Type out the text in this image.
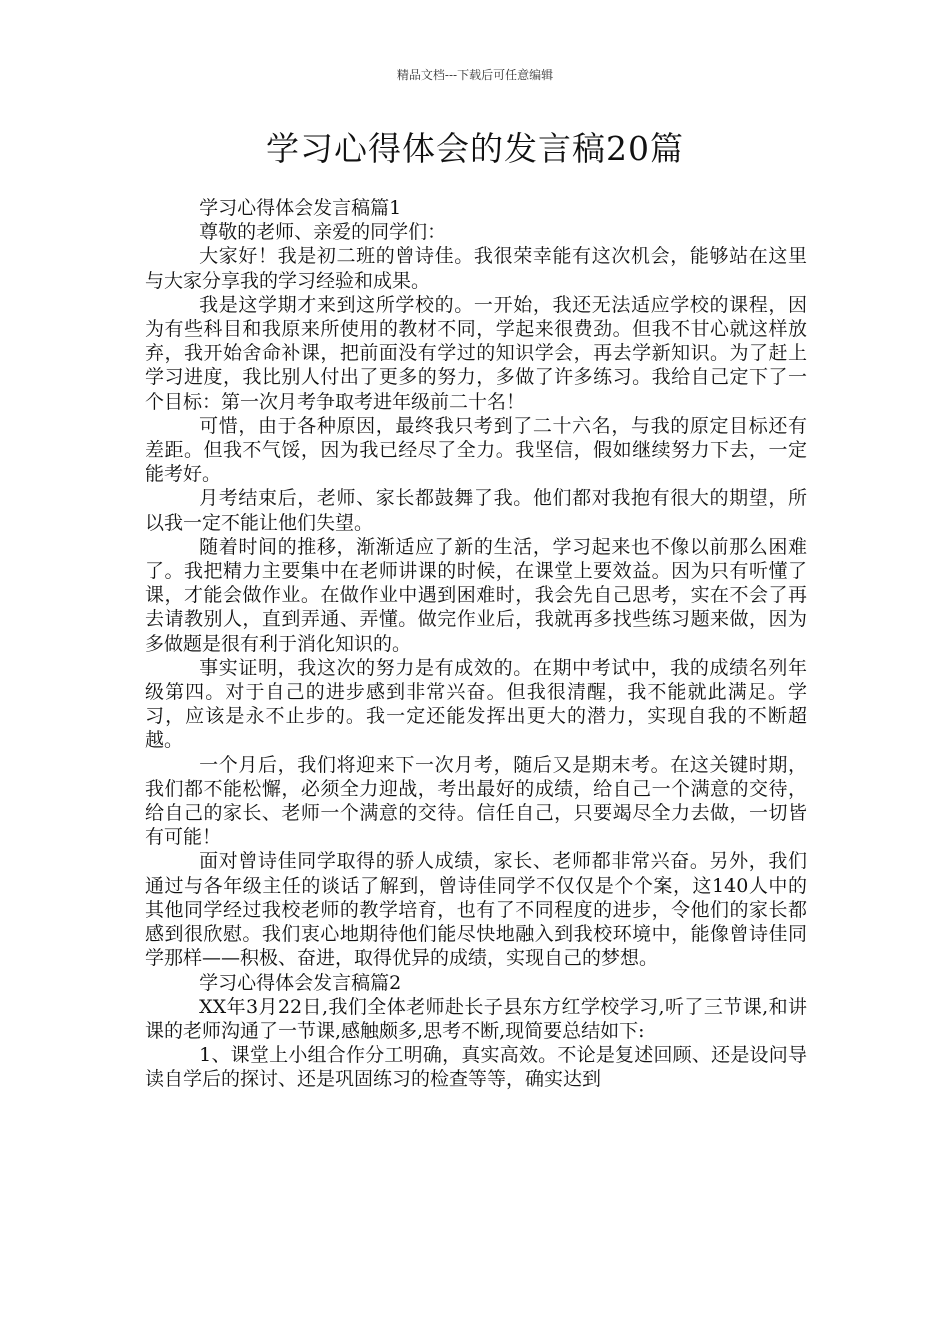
精品文档---下载后可任意编辑
学习心得体会的发言稿20篇

学习心得体会发言稿篇1

尊敬的老师、亲爱的同学们：

大家好！我是初二班的曾诗佳。我很荣幸能有这次机会，能够站在这里与大家分享我的学习经验和成果。

我是这学期才来到这所学校的。一开始，我还无法适应学校的课程，因为有些科目和我原来所使用的教材不同，学起来很费劲。但我不甘心就这样放弃，我开始舍命补课，把前面没有学过的知识学会，再去学新知识。为了赶上学习进度，我比别人付出了更多的努力，多做了许多练习。我给自己定下了一个目标：第一次月考争取考进年级前二十名！

可惜，由于各种原因，最终我只考到了二十六名，与我的原定目标还有差距。但我不气馁，因为我已经尽了全力。我坚信，假如继续努力下去，一定能考好。

月考结束后，老师、家长都鼓舞了我。他们都对我抱有很大的期望，所以我一定不能让他们失望。

随着时间的推移，渐渐适应了新的生活，学习起来也不像以前那么困难了。我把精力主要集中在老师讲课的时候，在课堂上要效益。因为只有听懂了课，才能会做作业。在做作业中遇到困难时，我会先自己思考，实在不会了再去请教别人，直到弄通、弄懂。做完作业后，我就再多找些练习题来做，因为多做题是很有利于消化知识的。

事实证明，我这次的努力是有成效的。在期中考试中，我的成绩名列年级第四。对于自己的进步感到非常兴奋。但我很清醒，我不能就此满足。学习，应该是永不止步的。我一定还能发挥出更大的潜力，实现自我的不断超越。

一个月后，我们将迎来下一次月考，随后又是期末考。在这关键时期，我们都不能松懈，必须全力迎战，考出最好的成绩，给自己一个满意的交待，给自己的家长、老师一个满意的交待。信任自己，只要竭尽全力去做，一切皆有可能！

面对曾诗佳同学取得的骄人成绩，家长、老师都非常兴奋。另外，我们通过与各年级主任的谈话了解到，曾诗佳同学不仅仅是个个案，这140人中的其他同学经过我校老师的教学培育，也有了不同程度的进步，令他们的家长都感到很欣慰。我们衷心地期待他们能尽快地融入到我校环境中，能像曾诗佳同学那样——积极、奋进，取得优异的成绩，实现自己的梦想。

学习心得体会发言稿篇2

XX年3月22日,我们全体老师赴长子县东方红学校学习,听了三节课,和讲课的老师沟通了一节课,感触颇多,思考不断,现简要总结如下:

1、课堂上小组合作分工明确，真实高效。不论是复述回顾、还是设问导读自学后的探讨、还是巩固练习的检查等等，确实达到
